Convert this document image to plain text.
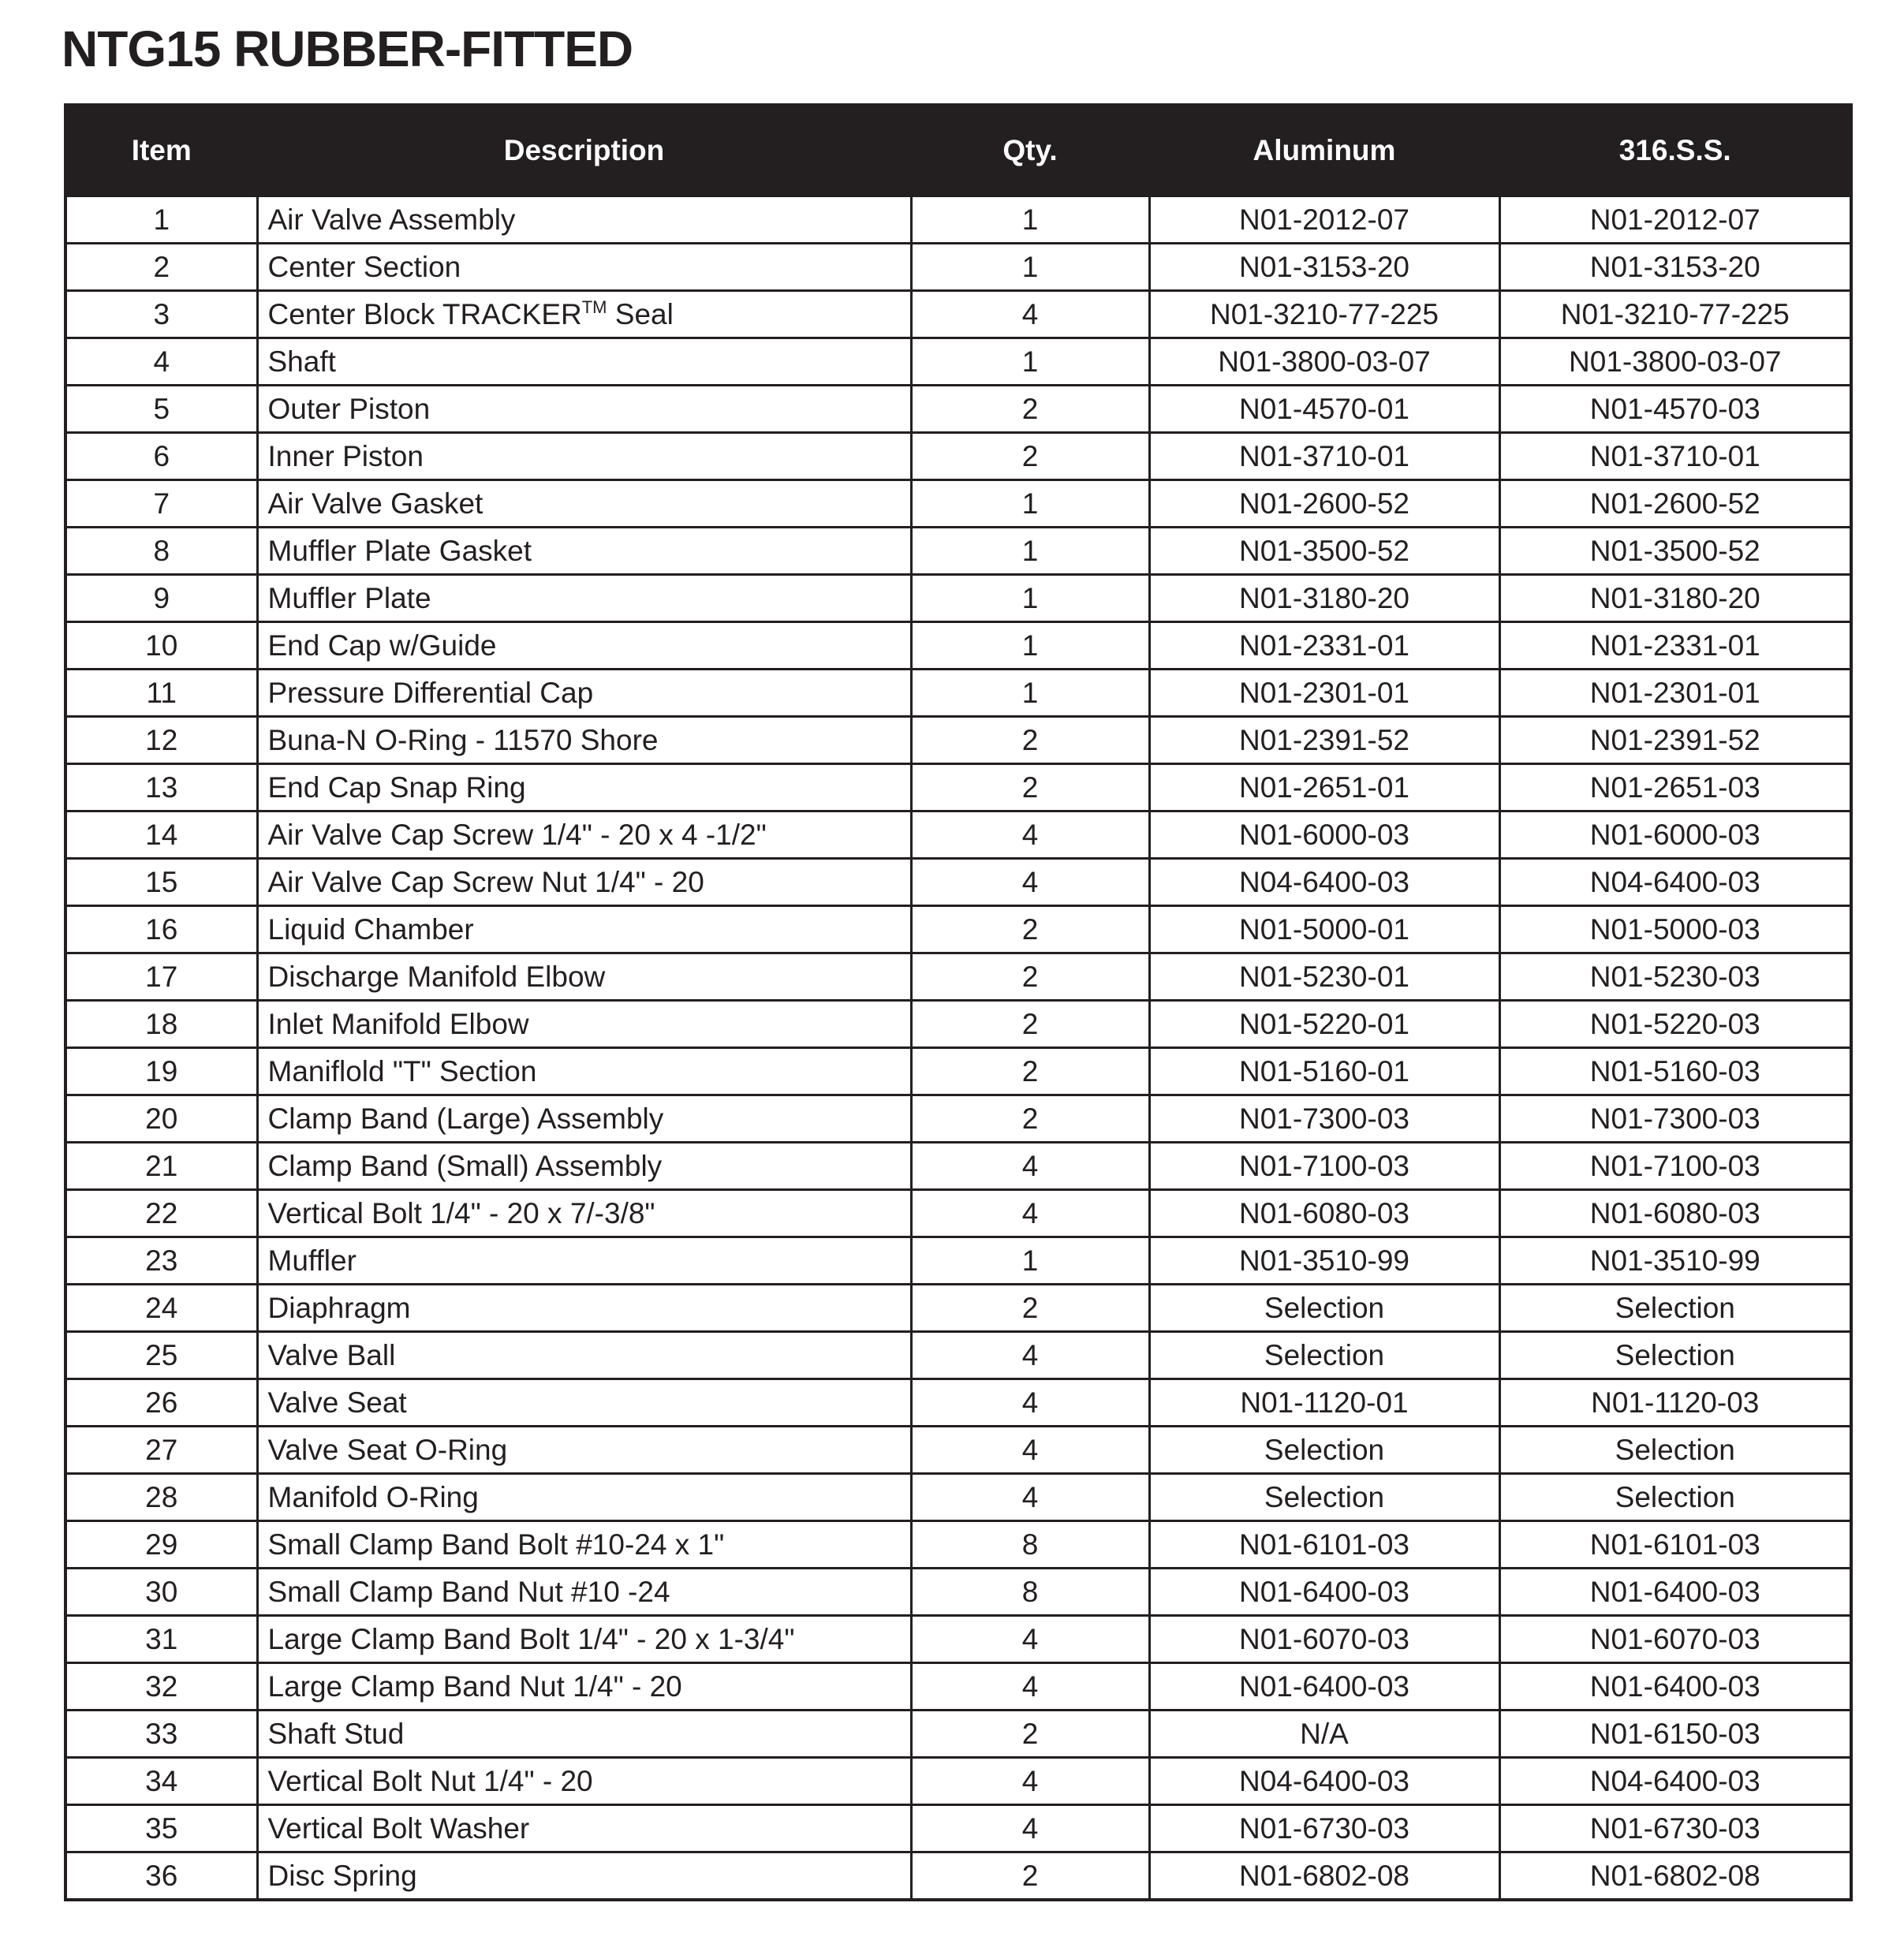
NTG15 RUBBER-FITTED
Item	Description	Qty.	Aluminum	316.S.S.
1	Air Valve Assembly	1	N01-2012-07	N01-2012-07
2	Center Section	1	N01-3153-20	N01-3153-20
3	Center Block TRACKER™ Seal	4	N01-3210-77-225	N01-3210-77-225
4	Shaft	1	N01-3800-03-07	N01-3800-03-07
5	Outer Piston	2	N01-4570-01	N01-4570-03
6	Inner Piston	2	N01-3710-01	N01-3710-01
7	Air Valve Gasket	1	N01-2600-52	N01-2600-52
8	Muffler Plate Gasket	1	N01-3500-52	N01-3500-52
9	Muffler Plate	1	N01-3180-20	N01-3180-20
10	End Cap w/Guide	1	N01-2331-01	N01-2331-01
11	Pressure Differential Cap	1	N01-2301-01	N01-2301-01
12	Buna-N O-Ring - 11570 Shore	2	N01-2391-52	N01-2391-52
13	End Cap Snap Ring	2	N01-2651-01	N01-2651-03
14	Air Valve Cap Screw 1/4" - 20 x 4 -1/2"	4	N01-6000-03	N01-6000-03
15	Air Valve Cap Screw Nut 1/4" - 20	4	N04-6400-03	N04-6400-03
16	Liquid Chamber	2	N01-5000-01	N01-5000-03
17	Discharge Manifold Elbow	2	N01-5230-01	N01-5230-03
18	Inlet Manifold Elbow	2	N01-5220-01	N01-5220-03
19	Maniflold "T" Section	2	N01-5160-01	N01-5160-03
20	Clamp Band (Large) Assembly	2	N01-7300-03	N01-7300-03
21	Clamp Band (Small) Assembly	4	N01-7100-03	N01-7100-03
22	Vertical Bolt 1/4" - 20 x 7/-3/8"	4	N01-6080-03	N01-6080-03
23	Muffler	1	N01-3510-99	N01-3510-99
24	Diaphragm	2	Selection	Selection
25	Valve Ball	4	Selection	Selection
26	Valve Seat	4	N01-1120-01	N01-1120-03
27	Valve Seat O-Ring	4	Selection	Selection
28	Manifold O-Ring	4	Selection	Selection
29	Small Clamp Band Bolt #10-24 x 1"	8	N01-6101-03	N01-6101-03
30	Small Clamp Band Nut #10 -24	8	N01-6400-03	N01-6400-03
31	Large Clamp Band Bolt 1/4" - 20 x 1-3/4"	4	N01-6070-03	N01-6070-03
32	Large Clamp Band Nut 1/4" - 20	4	N01-6400-03	N01-6400-03
33	Shaft Stud	2	N/A	N01-6150-03
34	Vertical Bolt Nut 1/4" - 20	4	N04-6400-03	N04-6400-03
35	Vertical Bolt Washer	4	N01-6730-03	N01-6730-03
36	Disc Spring	2	N01-6802-08	N01-6802-08
